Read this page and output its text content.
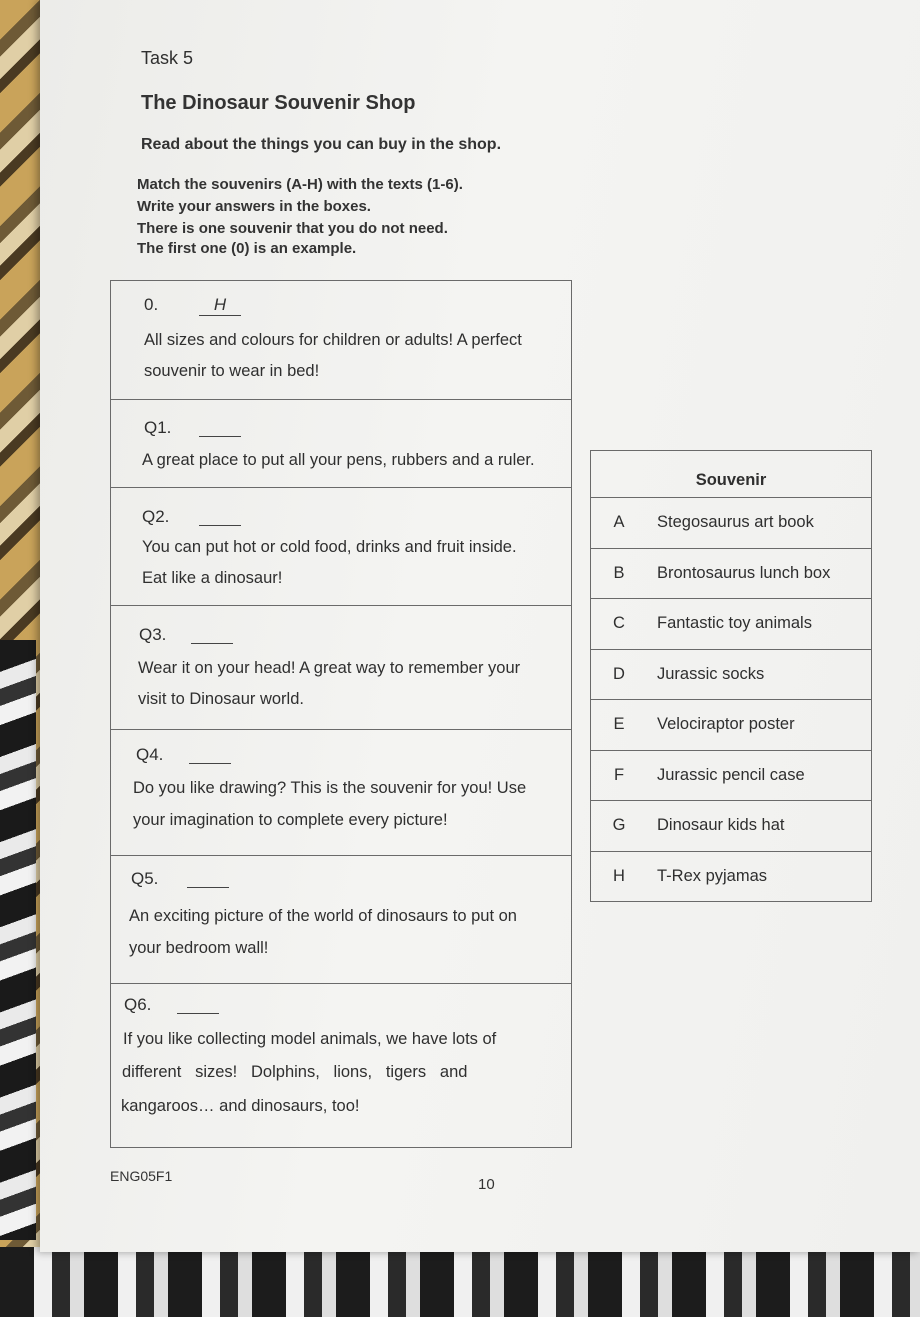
Task 5
The Dinosaur Souvenir Shop
Read about the things you can buy in the shop.
Match the souvenirs (A-H) with the texts (1-6).
Write your answers in the boxes.
There is one souvenir that you do not need.
The first one (0) is an example.
0.	H
All sizes and colours for children or adults! A perfect
souvenir to wear in bed!
Q1.
A great place to put all your pens, rubbers and a ruler.
Q2.
You can put hot or cold food, drinks and fruit inside.
Eat like a dinosaur!
Q3.
Wear it on your head! A great way to remember your
visit to Dinosaur world.
Q4.
Do you like drawing? This is the souvenir for you! Use
your imagination to complete every picture!
Q5.
An exciting picture of the world of dinosaurs to put on
your bedroom wall!
Q6.
If you like collecting model animals, we have lots of
different   sizes!   Dolphins,   lions,   tigers   and
kangaroos… and dinosaurs, too!
Souvenir
A	Stegosaurus art book
B	Brontosaurus lunch box
C	Fantastic toy animals
D	Jurassic socks
E	Velociraptor poster
F	Jurassic pencil case
G	Dinosaur kids hat
H	T-Rex pyjamas
ENG05F1	10
